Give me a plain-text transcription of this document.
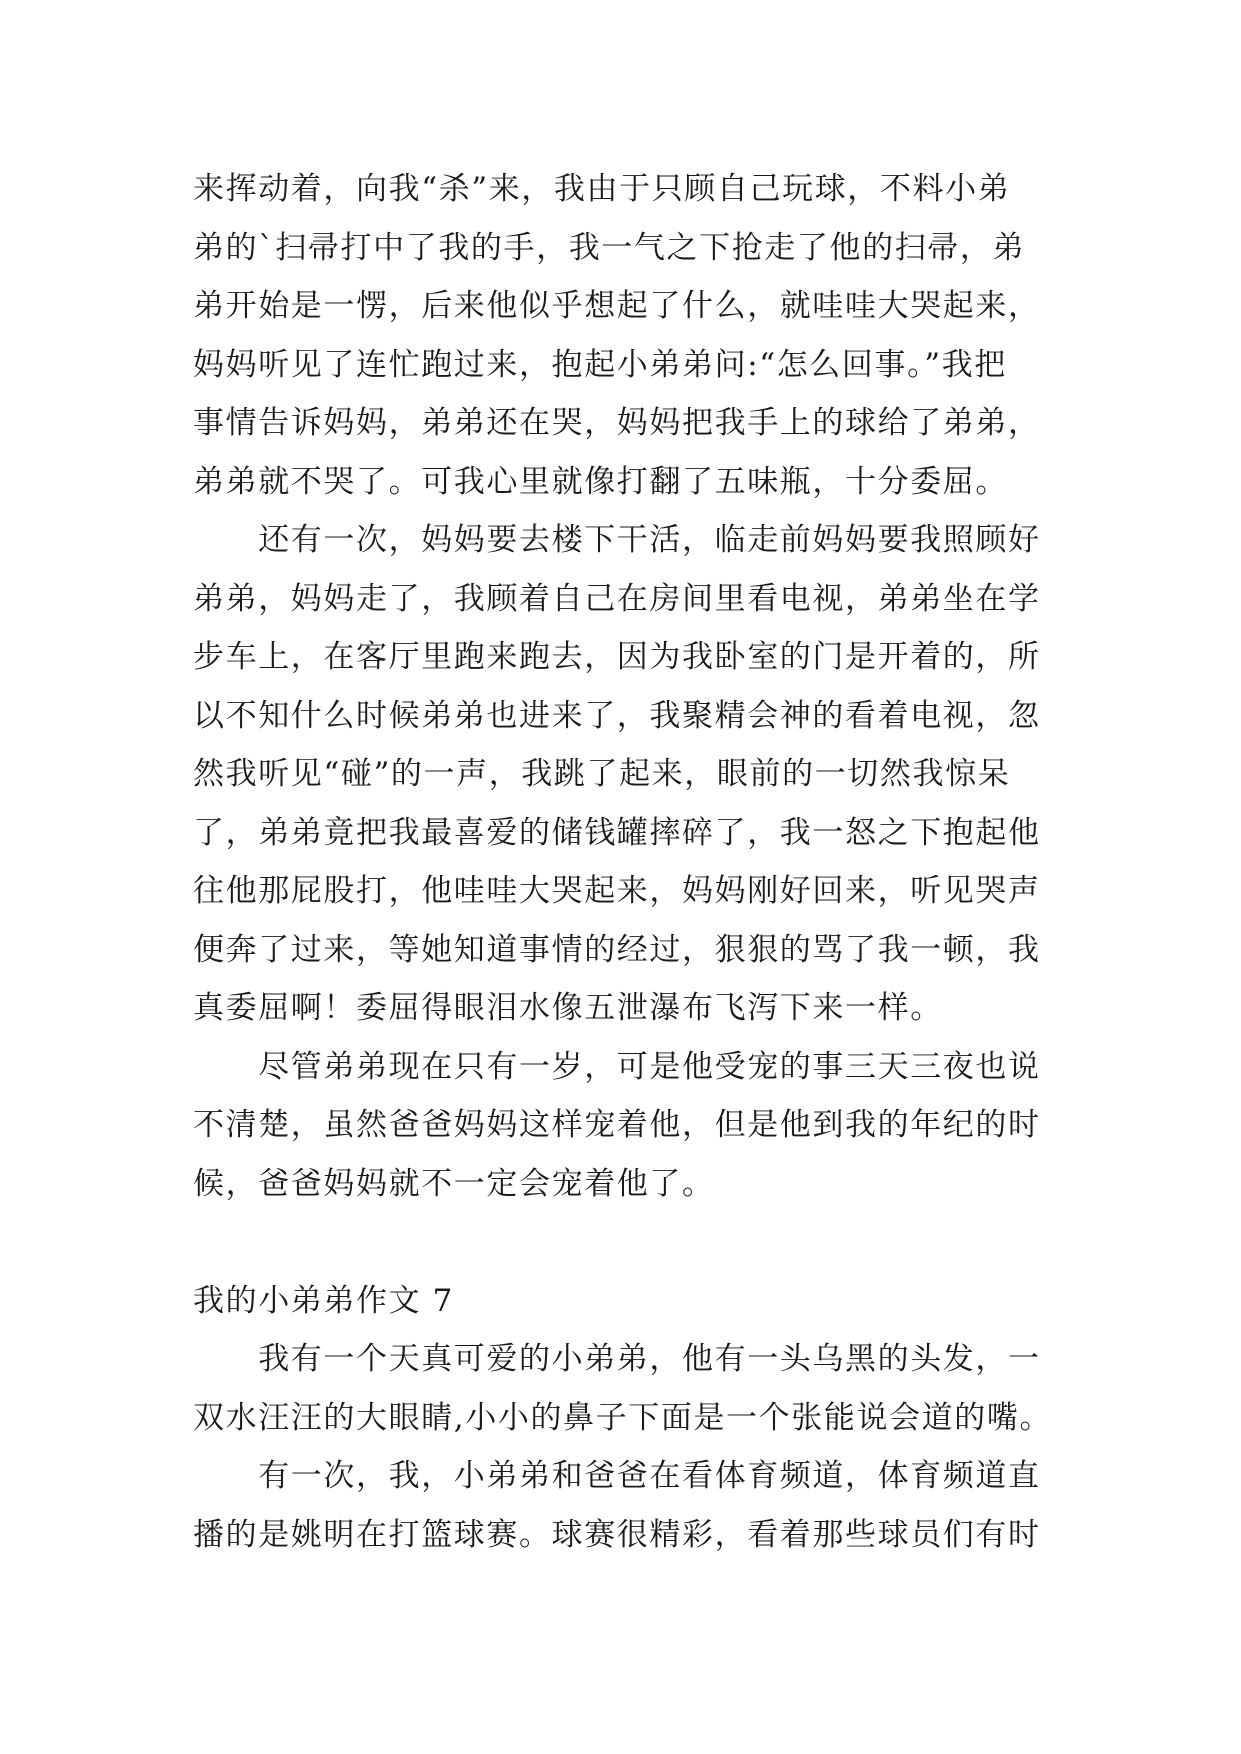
来挥动着，向我“杀”来，我由于只顾自己玩球，不料小弟
弟的`扫帚打中了我的手，我一气之下抢走了他的扫帚，弟
弟开始是一愣，后来他似乎想起了什么，就哇哇大哭起来，
妈妈听见了连忙跑过来，抱起小弟弟问:“怎么回事。”我把
事情告诉妈妈，弟弟还在哭，妈妈把我手上的球给了弟弟，
弟弟就不哭了。可我心里就像打翻了五味瓶，十分委屈。
　　还有一次，妈妈要去楼下干活，临走前妈妈要我照顾好
弟弟，妈妈走了，我顾着自己在房间里看电视，弟弟坐在学
步车上，在客厅里跑来跑去，因为我卧室的门是开着的，所
以不知什么时候弟弟也进来了，我聚精会神的看着电视，忽
然我听见“碰”的一声，我跳了起来，眼前的一切然我惊呆
了，弟弟竟把我最喜爱的储钱罐摔碎了，我一怒之下抱起他
往他那屁股打，他哇哇大哭起来，妈妈刚好回来，听见哭声
便奔了过来，等她知道事情的经过，狠狠的骂了我一顿，我
真委屈啊！委屈得眼泪水像五泄瀑布飞泻下来一样。
　　尽管弟弟现在只有一岁，可是他受宠的事三天三夜也说
不清楚，虽然爸爸妈妈这样宠着他，但是他到我的年纪的时
候，爸爸妈妈就不一定会宠着他了。
我的小弟弟作文 7
　　我有一个天真可爱的小弟弟，他有一头乌黑的头发，一
双水汪汪的大眼睛,小小的鼻子下面是一个张能说会道的嘴。
　　有一次，我，小弟弟和爸爸在看体育频道，体育频道直
播的是姚明在打篮球赛。球赛很精彩，看着那些球员们有时
